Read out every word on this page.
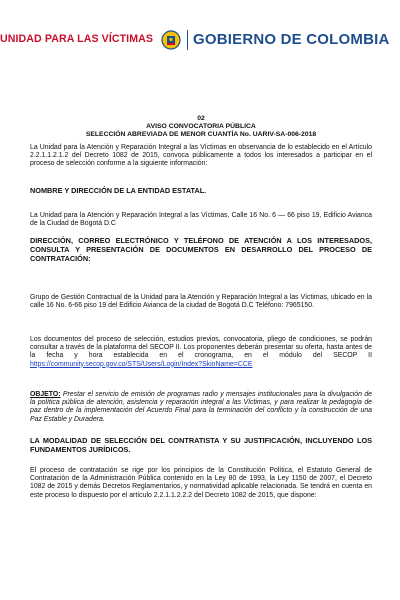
UNIDAD PARA LAS VÍCTIMAS	GOBIERNO DE COLOMBIA
02
AVISO CONVOCATORIA PÚBLICA
SELECCIÓN ABREVIADA DE MENOR CUANTÍA No. UARIV-SA-006-2018

La Unidad para la Atención y Reparación Integral a las Víctimas en observancia de lo establecido en el Artículo 2.2.1.1.2.1.2 del Decreto 1082 de 2015, convoca públicamente a todos los interesados a participar en el proceso de selección conforme a la siguiente información:

NOMBRE Y DIRECCIÓN DE LA ENTIDAD ESTATAL.

La Unidad para la Atención y Reparación Integral a las Víctimas, Calle 16 No. 6 — 66 piso 19, Edificio Avianca de la Ciudad de Bogotá D.C

DIRECCIÓN, CORREO ELECTRÓNICO Y TELÉFONO DE ATENCIÓN A LOS INTERESADOS, CONSULTA Y PRESENTACIÓN DE DOCUMENTOS EN DESARROLLO DEL PROCESO DE CONTRATACIÓN:

Grupo de Gestión Contractual de la Unidad para la Atención y Reparación Integral a las Víctimas, ubicado en la calle 16 No. 6-66 piso 19 del Edificio Avianca de la ciudad de Bogotá D.C Teléfono: 7965150.

Los documentos del proceso de selección, estudios previos, convocatoria, pliego de condiciones, se podrán consultar a través de la plataforma del SECOP II. Los proponentes deberán presentar su oferta, hasta antes de la fecha y hora establecida en el cronograma, en el módulo del SECOP II https://community.secop.gov.co/STS/Users/Login/Index?SkinName=CCE

OBJETO: Prestar el servicio de emisión de programas radio y mensajes institucionales para la divulgación de la política pública de atención, asistencia y reparación integral a las Víctimas, y para realizar la pedagogía de paz dentro de la implementación del Acuerdo Final para la terminación del conflicto y la construcción de una Paz Estable y Duradera.

LA MODALIDAD DE SELECCIÓN DEL CONTRATISTA Y SU JUSTIFICACIÓN, INCLUYENDO LOS FUNDAMENTOS JURÍDICOS.

El proceso de contratación se rige por los principios de la Constitución Política, el Estatuto General de Contratación de la Administración Pública contenido en la Ley 80 de 1993, la Ley 1150 de 2007, el Decreto 1082 de 2015 y demás Decretos Reglamentarios, y normatividad aplicable relacionada. Se tendrá en cuenta en este proceso lo dispuesto por el artículo 2.2.1.1.2.2.2 del Decreto 1082 de 2015, que dispone:
